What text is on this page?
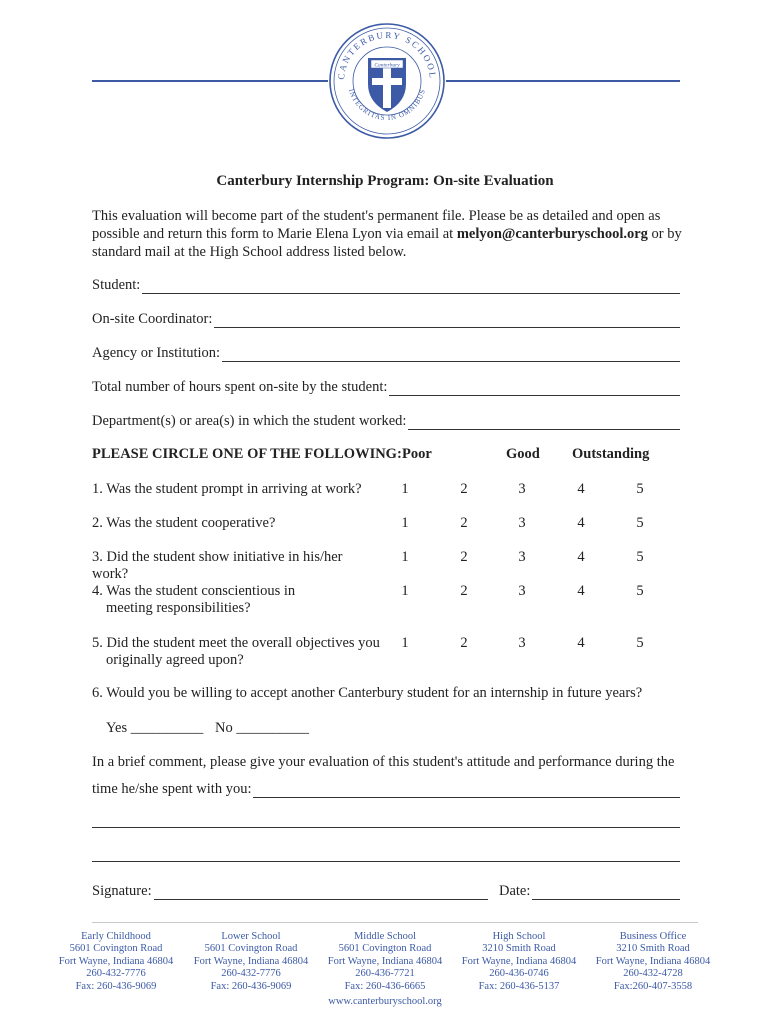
CANTERBURY SCHOOL
INTEGRITAS IN OMNIBUS
Canterbury
Canterbury Internship Program: On-site Evaluation
This evaluation will become part of the student's permanent file. Please be as detailed and open as possible and return this form to Marie Elena Lyon via email at melyon@canterburyschool.org or by standard mail at the High School address listed below.
Student:
On-site Coordinator:
Agency or Institution:
Total number of hours spent on-site by the student:
Department(s) or area(s) in which the student worked:
PLEASE CIRCLE ONE OF THE FOLLOWING: Poor	Good Outstanding
1. Was the student prompt in arriving at work?	1	2	3	4	5
2. Was the student cooperative?	1	2	3	4	5
3. Did the student show initiative in his/her work?
1	2	3	4	5
4. Was the student conscientious in
meeting responsibilities?
1	2	3	4	5
5. Did the student meet the overall objectives you
originally agreed upon?
1	2	3	4	5
6. Would you be willing to accept another Canterbury student for an internship in future years?
Yes __________ No __________
In a brief comment, please give your evaluation of this student's attitude and performance during the
time he/she spent with you:
Signature:	Date:
Early Childhood
5601 Covington Road
Fort Wayne, Indiana 46804
260-432-7776
Fax: 260-436-9069
Lower School
5601 Covington Road
Fort Wayne, Indiana 46804
260-432-7776
Fax: 260-436-9069
Middle School
5601 Covington Road
Fort Wayne, Indiana 46804
260-436-7721
Fax: 260-436-6665
High School
3210 Smith Road
Fort Wayne, Indiana 46804
260-436-0746
Fax: 260-436-5137
Business Office
3210 Smith Road
Fort Wayne, Indiana 46804
260-432-4728
Fax:260-407-3558
www.canterburyschool.org
